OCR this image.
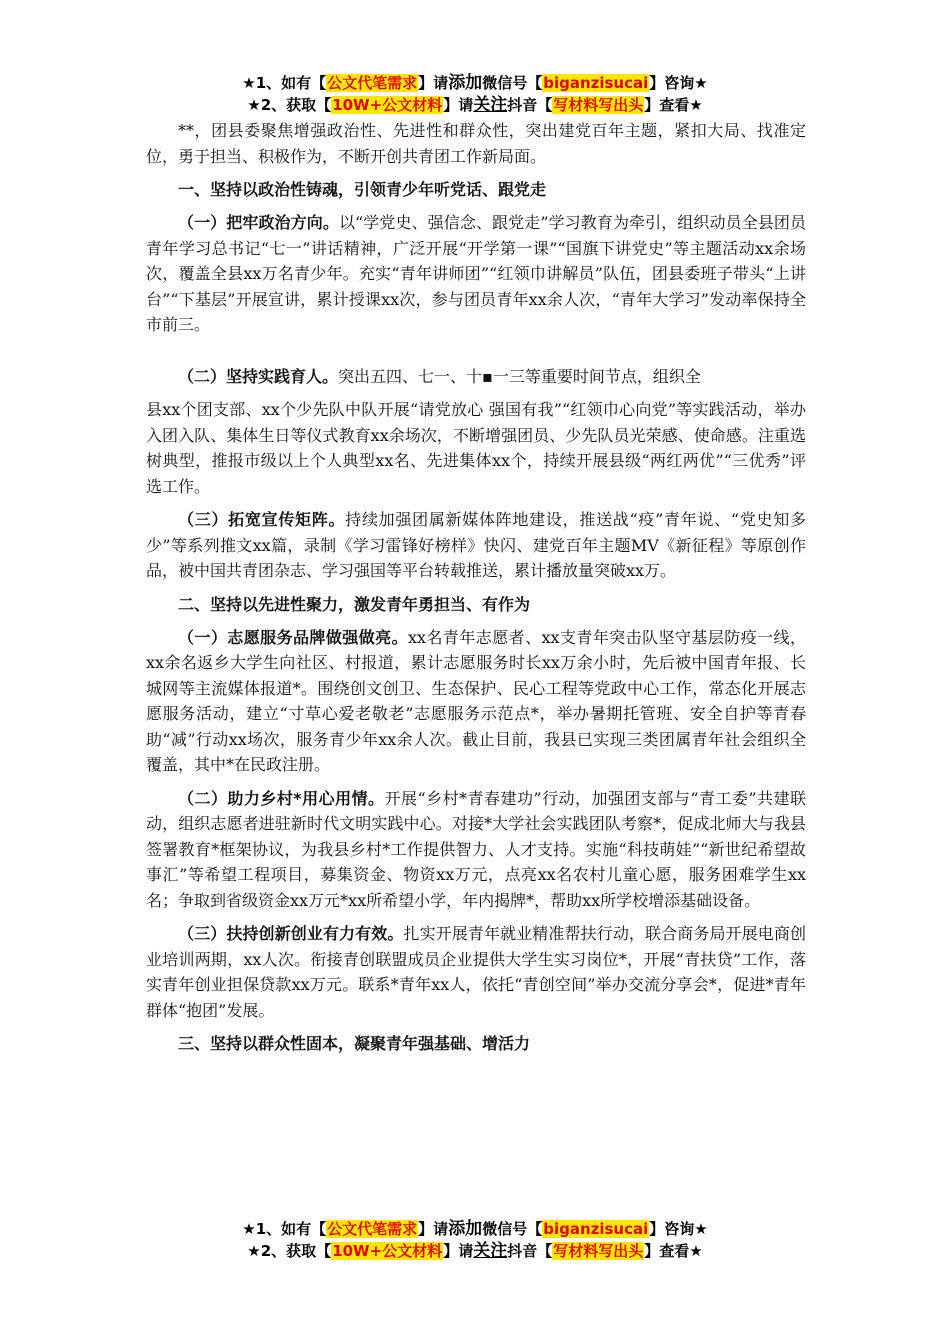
★1、如有【公文代笔需求】请添加微信号【biganzisucai】咨询★
★2、获取【10W+公文材料】请关注抖音【写材料写出头】查看★

**，团县委聚焦增强政治性、先进性和群众性，突出建党百年主题，紧扣大局、找准定位，勇于担当、积极作为，不断开创共青团工作新局面。

一、坚持以政治性铸魂，引领青少年听党话、跟党走

（一）把牢政治方向。以“学党史、强信念、跟党走”学习教育为牵引，组织动员全县团员青年学习总书记“七一”讲话精神，广泛开展“开学第一课”“国旗下讲党史”等主题活动xx余场次，覆盖全县xx万名青少年。充实“青年讲师团”“红领巾讲解员”队伍，团县委班子带头“上讲台”“下基层”开展宣讲，累计授课xx次，参与团员青年xx余人次，“青年大学习”发动率保持全市前三。

（二）坚持实践育人。突出五四、七一、十▪一三等重要时间节点，组织全

县xx个团支部、xx个少先队中队开展“请党放心 强国有我”“红领巾心向党”等实践活动，举办入团入队、集体生日等仪式教育xx余场次，不断增强团员、少先队员光荣感、使命感。注重选树典型，推报市级以上个人典型xx名、先进集体xx个，持续开展县级“两红两优”“三优秀”评选工作。

（三）拓宽宣传矩阵。持续加强团属新媒体阵地建设，推送战“疫”青年说、“党史知多少”等系列推文xx篇，录制《学习雷锋好榜样》快闪、建党百年主题MV《新征程》等原创作品，被中国共青团杂志、学习强国等平台转载推送，累计播放量突破xx万。

二、坚持以先进性聚力，激发青年勇担当、有作为

（一）志愿服务品牌做强做亮。xx名青年志愿者、xx支青年突击队坚守基层防疫一线，xx余名返乡大学生向社区、村报道，累计志愿服务时长xx万余小时，先后被中国青年报、长城网等主流媒体报道*。围绕创文创卫、生态保护、民心工程等党政中心工作，常态化开展志愿服务活动，建立“寸草心爱老敬老”志愿服务示范点*，举办暑期托管班、安全自护等青春助“减”行动xx场次，服务青少年xx余人次。截止目前，我县已实现三类团属青年社会组织全覆盖，其中*在民政注册。

（二）助力乡村*用心用情。开展“乡村*青春建功”行动，加强团支部与“青工委”共建联动，组织志愿者进驻新时代文明实践中心。对接*大学社会实践团队考察*，促成北师大与我县签署教育*框架协议，为我县乡村*工作提供智力、人才支持。实施“科技萌娃”“新世纪希望故事汇”等希望工程项目，募集资金、物资xx万元，点亮xx名农村儿童心愿，服务困难学生xx名；争取到省级资金xx万元*xx所希望小学，年内揭牌*，帮助xx所学校增添基础设备。

（三）扶持创新创业有力有效。扎实开展青年就业精准帮扶行动，联合商务局开展电商创业培训两期，xx人次。衔接青创联盟成员企业提供大学生实习岗位*，开展“青扶贷”工作，落实青年创业担保贷款xx万元。联系*青年xx人，依托“青创空间”举办交流分享会*，促进*青年群体“抱团”发展。

三、坚持以群众性固本，凝聚青年强基础、增活力

★1、如有【公文代笔需求】请添加微信号【biganzisucai】咨询★
★2、获取【10W+公文材料】请关注抖音【写材料写出头】查看★
